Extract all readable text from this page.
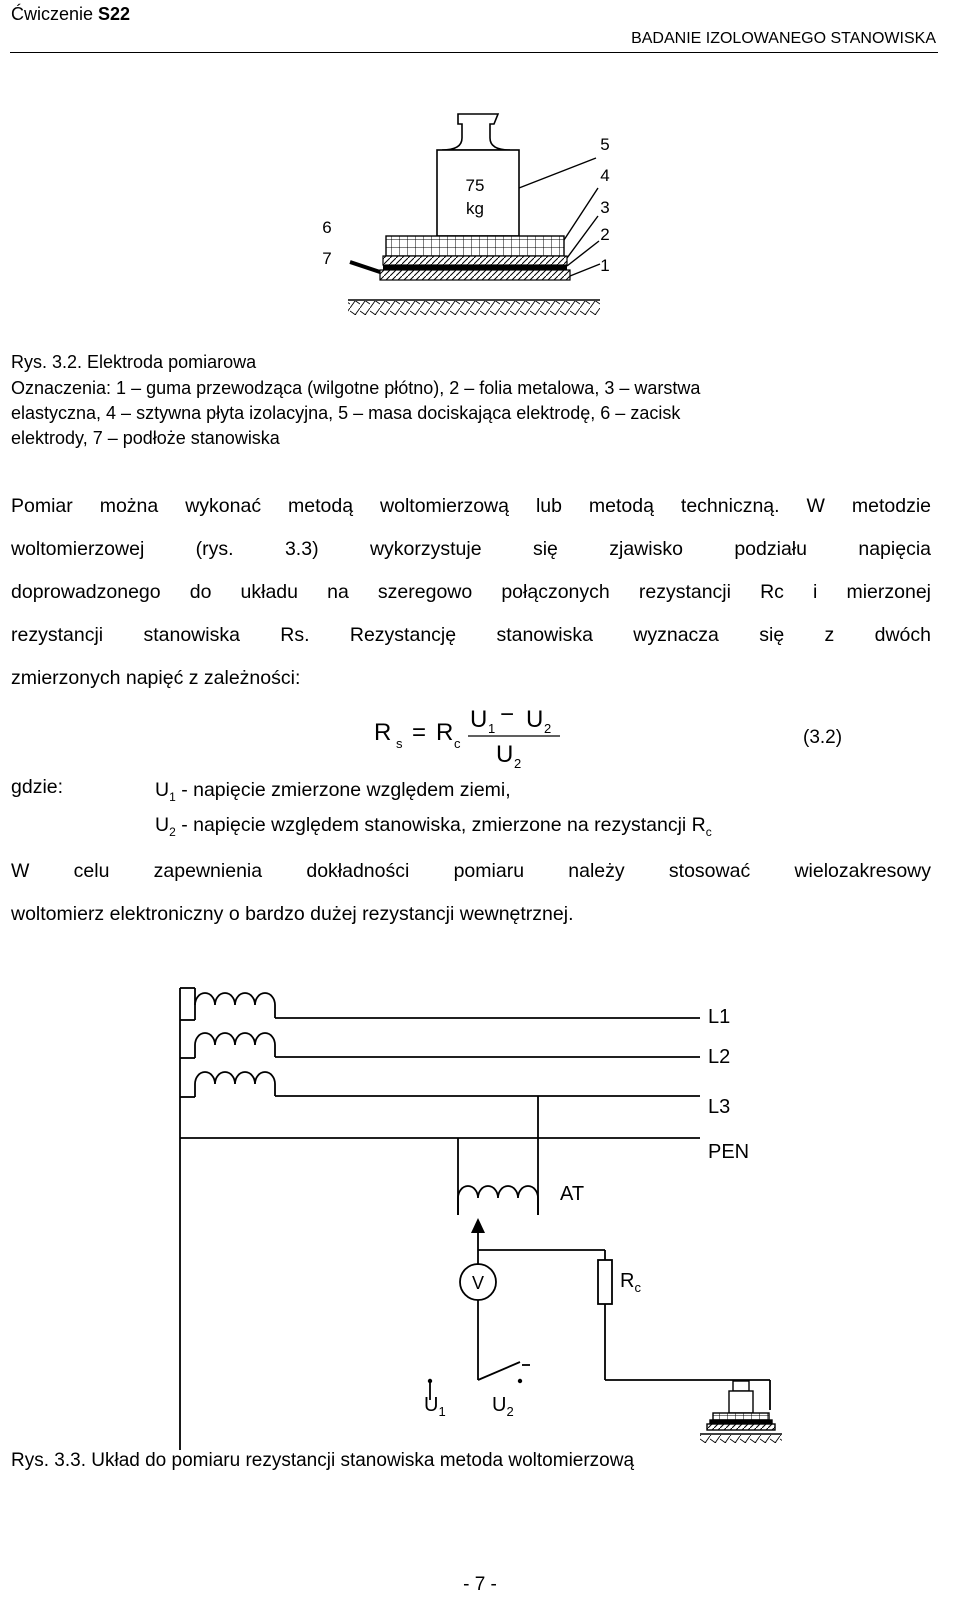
Ćwiczenie S22
BADANIE IZOLOWANEGO STANOWISKA
75
kg
5
4
3
2
1
6
7
Rys. 3.2. Elektroda pomiarowa
Oznaczenia: 1 – guma przewodząca (wilgotne płótno), 2 – folia metalowa, 3 – warstwa
elastyczna, 4 – sztywna płyta izolacyjna, 5 – masa dociskająca elektrodę, 6 – zacisk
elektrody, 7 – podłoże stanowiska
Pomiar można wykonać metodą woltomierzową lub metodą techniczną. W metodzie
woltomierzowej (rys. 3.3) wykorzystuje się zjawisko podziału napięcia
doprowadzonego do układu na szeregowo połączonych rezystancji Rc i mierzonej
rezystancji stanowiska Rs. Rezystancję stanowiska wyznacza się z dwóch
zmierzonych napięć z zależności:
R s = R c
U 1
− U 2
U 2
(3.2)
gdzie:	$U_1$ - napięcie zmierzone względem ziemi,
$U_2$ - napięcie względem stanowiska, zmierzone na rezystancji $R_c$
W celu zapewnienia dokładności pomiaru należy stosować wielozakresowy
woltomierz elektroniczny o bardzo dużej rezystancji wewnętrznej.
L1
L2
L3
PEN
AT
V	$R_c$
$U_1$ $U_2$
Rys. 3.3. Układ do pomiaru rezystancji stanowiska metoda woltomierzową
- 7 -
